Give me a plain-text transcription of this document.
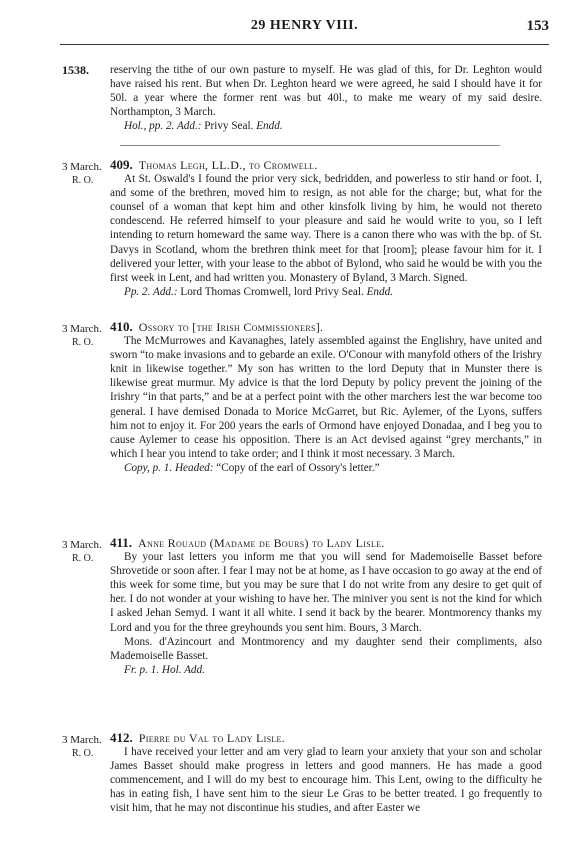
29 HENRY VIII.	153
1538. reserving the tithe of our own pasture to myself. He was glad of this, for Dr. Leghton would have raised his rent. But when Dr. Leghton heard we were agreed, he said I should have it for 50l. a year where the former rent was but 40l., to make me weary of my said desire. Northampton, 3 March.

Hol., pp. 2. Add.: Privy Seal. Endd.

3 March.
R. O.

409. Thomas Legh, LL.D., to Cromwell.

At St. Oswald's I found the prior very sick, bedridden, and powerless to stir hand or foot. I, and some of the brethren, moved him to resign, as not able for the charge; but, what for the counsel of a woman that kept him and other kinsfolk living by him, he would not thereto condescend. He referred himself to your pleasure and said he would write to you, so I left intending to return homeward the same way. There is a canon there who was with the bp. of St. Davys in Scotland, whom the brethren think meet for that [room]; please favour him for it. I delivered your letter, with your lease to the abbot of Bylond, who said he would be with you the first week in Lent, and had written you. Monastery of Byland, 3 March. Signed.

Pp. 2. Add.: Lord Thomas Cromwell, lord Privy Seal. Endd.

3 March.
R. O.

410. Ossory to [the Irish Commissioners].

The McMurrowes and Kavanaghes, lately assembled against the Englishry, have united and sworn “to make invasions and to gebarde an exile. O'Conour with manyfold others of the Irishry knit in likewise together.” My son has written to the lord Deputy that in Munster there is likewise great murmur. My advice is that the lord Deputy by policy prevent the joining of the Irishry “in that parts,” and be at a perfect point with the other marchers lest the war become too general. I have demised Donada to Morice McGarret, but Ric. Aylemer, of the Lyons, suffers him not to enjoy it. For 200 years the earls of Ormond have enjoyed Donadaa, and I beg you to cause Aylemer to cease his opposition. There is an Act devised against “grey merchants,” in which I hear you intend to take order; and I think it most necessary. 3 March.

Copy, p. 1. Headed: “Copy of the earl of Ossory's letter.”

3 March.
R. O.

411. Anne Rouaud (Madame de Bours) to Lady Lisle.

By your last letters you inform me that you will send for Mademoiselle Basset before Shrovetide or soon after. I fear I may not be at home, as I have occasion to go away at the end of this week for some time, but you may be sure that I do not write from any desire to get quit of her. I do not wonder at your wishing to have her. The miniver you sent is not the kind for which I asked Jehan Semyd. I want it all white. I send it back by the bearer. Montmorency thanks my Lord and you for the three greyhounds you sent him. Bours, 3 March.

Mons. d'Azincourt and Montmorency and my daughter send their compliments, also Mademoiselle Basset.

Fr. p. 1. Hol. Add.

3 March.
R. O.

412. Pierre du Val to Lady Lisle.

I have received your letter and am very glad to learn your anxiety that your son and scholar James Basset should make progress in letters and good manners. He has made a good commencement, and I will do my best to encourage him. This Lent, owing to the difficulty he has in eating fish, I have sent him to the sieur Le Gras to be better treated. I go frequently to visit him, that he may not discontinue his studies, and after Easter we
